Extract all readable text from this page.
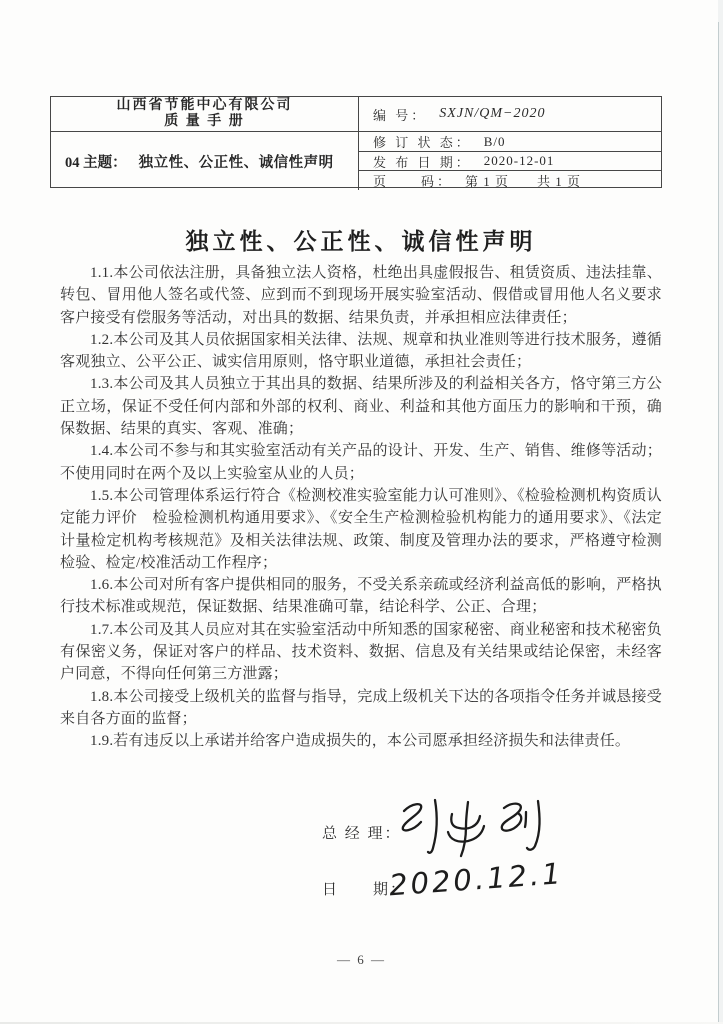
山西省节能中心有限公司
质 量 手 册
04 主题： 独立性、公正性、诚信性声明
编 号： SXJN/QM−2020
修 订 状 态： B/0
发 布 日 期： 2020-12-01
页　　码： 第 1 页　　共 1 页
独立性、公正性、诚信性声明

1.1.本公司依法注册，具备独立法人资格，杜绝出具虚假报告、租赁资质、违法挂靠、转包、冒用他人签名或代签、应到而不到现场开展实验室活动、假借或冒用他人名义要求客户接受有偿服务等活动，对出具的数据、结果负责，并承担相应法律责任；

1.2.本公司及其人员依据国家相关法律、法规、规章和执业准则等进行技术服务，遵循客观独立、公平公正、诚实信用原则，恪守职业道德，承担社会责任；

1.3.本公司及其人员独立于其出具的数据、结果所涉及的利益相关各方，恪守第三方公正立场，保证不受任何内部和外部的权利、商业、利益和其他方面压力的影响和干预，确保数据、结果的真实、客观、准确；

1.4.本公司不参与和其实验室活动有关产品的设计、开发、生产、销售、维修等活动；不使用同时在两个及以上实验室从业的人员；

1.5.本公司管理体系运行符合《检测校准实验室能力认可准则》、《检验检测机构资质认定能力评价　检验检测机构通用要求》、《安全生产检测检验机构能力的通用要求》、《法定计量检定机构考核规范》及相关法律法规、政策、制度及管理办法的要求，严格遵守检测检验、检定/校准活动工作程序；

1.6.本公司对所有客户提供相同的服务，不受关系亲疏或经济利益高低的影响，严格执行技术标准或规范，保证数据、结果准确可靠，结论科学、公正、合理；

1.7.本公司及其人员应对其在实验室活动中所知悉的国家秘密、商业秘密和技术秘密负有保密义务，保证对客户的样品、技术资料、数据、信息及有关结果或结论保密，未经客户同意，不得向任何第三方泄露；

1.8.本公司接受上级机关的监督与指导，完成上级机关下达的各项指令任务并诚恳接受来自各方面的监督；

1.9.若有违反以上承诺并给客户造成损失的，本公司愿承担经济损失和法律责任。

总 经 理：
日　　期：
2020.12.1
— 6 —
